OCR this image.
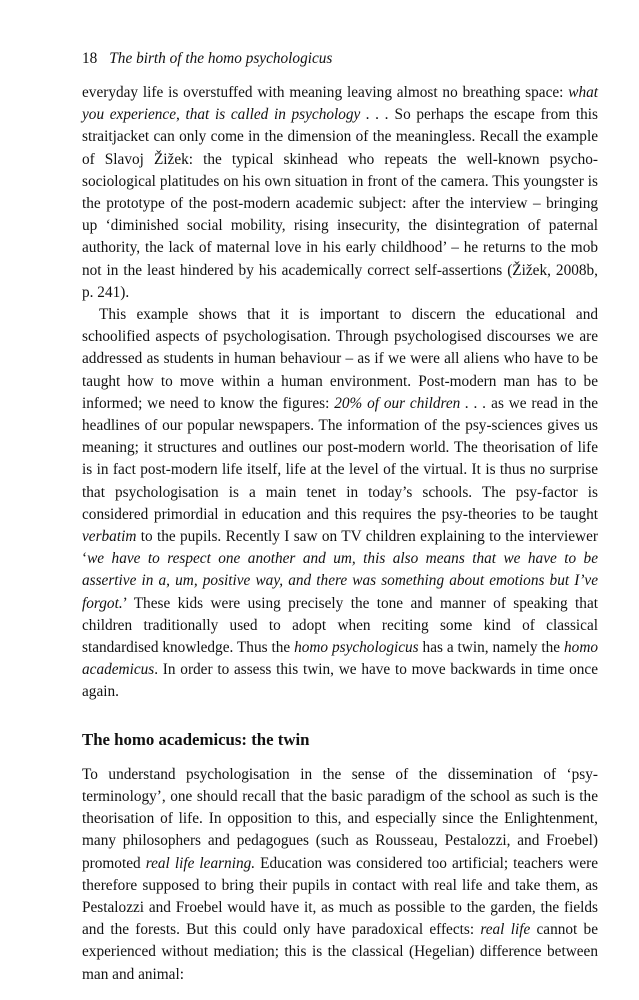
18 The birth of the homo psychologicus

everyday life is overstuffed with meaning leaving almost no breathing space: what you experience, that is called in psychology . . . So perhaps the escape from this straitjacket can only come in the dimension of the meaningless. Recall the example of Slavoj Žižek: the typical skinhead who repeats the well-known psycho-sociological platitudes on his own situation in front of the camera. This youngster is the prototype of the post-modern academic subject: after the interview – bringing up ‘diminished social mobility, rising insecurity, the disintegration of paternal authority, the lack of maternal love in his early childhood’ – he returns to the mob not in the least hindered by his academically correct self-assertions (Žižek, 2008b, p. 241).

This example shows that it is important to discern the educational and schoolified aspects of psychologisation. Through psychologised discourses we are addressed as students in human behaviour – as if we were all aliens who have to be taught how to move within a human environment. Post-modern man has to be informed; we need to know the figures: 20% of our children . . . as we read in the headlines of our popular newspapers. The information of the psy-sciences gives us meaning; it structures and outlines our post-modern world. The theorisation of life is in fact post-modern life itself, life at the level of the virtual. It is thus no surprise that psychologisation is a main tenet in today’s schools. The psy-factor is considered primordial in education and this requires the psy-theories to be taught verbatim to the pupils. Recently I saw on TV children explaining to the interviewer ‘we have to respect one another and um, this also means that we have to be assertive in a, um, positive way, and there was something about emotions but I’ve forgot.’ These kids were using precisely the tone and manner of speaking that children traditionally used to adopt when reciting some kind of classical standardised knowledge. Thus the homo psychologicus has a twin, namely the homo academicus. In order to assess this twin, we have to move backwards in time once again.

The homo academicus: the twin

To understand psychologisation in the sense of the dissemination of ‘psy-terminology’, one should recall that the basic paradigm of the school as such is the theorisation of life. In opposition to this, and especially since the Enlightenment, many philosophers and pedagogues (such as Rousseau, Pestalozzi, and Froebel) promoted real life learning. Education was considered too artificial; teachers were therefore supposed to bring their pupils in contact with real life and take them, as Pestalozzi and Froebel would have it, as much as possible to the garden, the fields and the forests. But this could only have paradoxical effects: real life cannot be experienced without mediation; this is the classical (Hegelian) difference between man and animal:
